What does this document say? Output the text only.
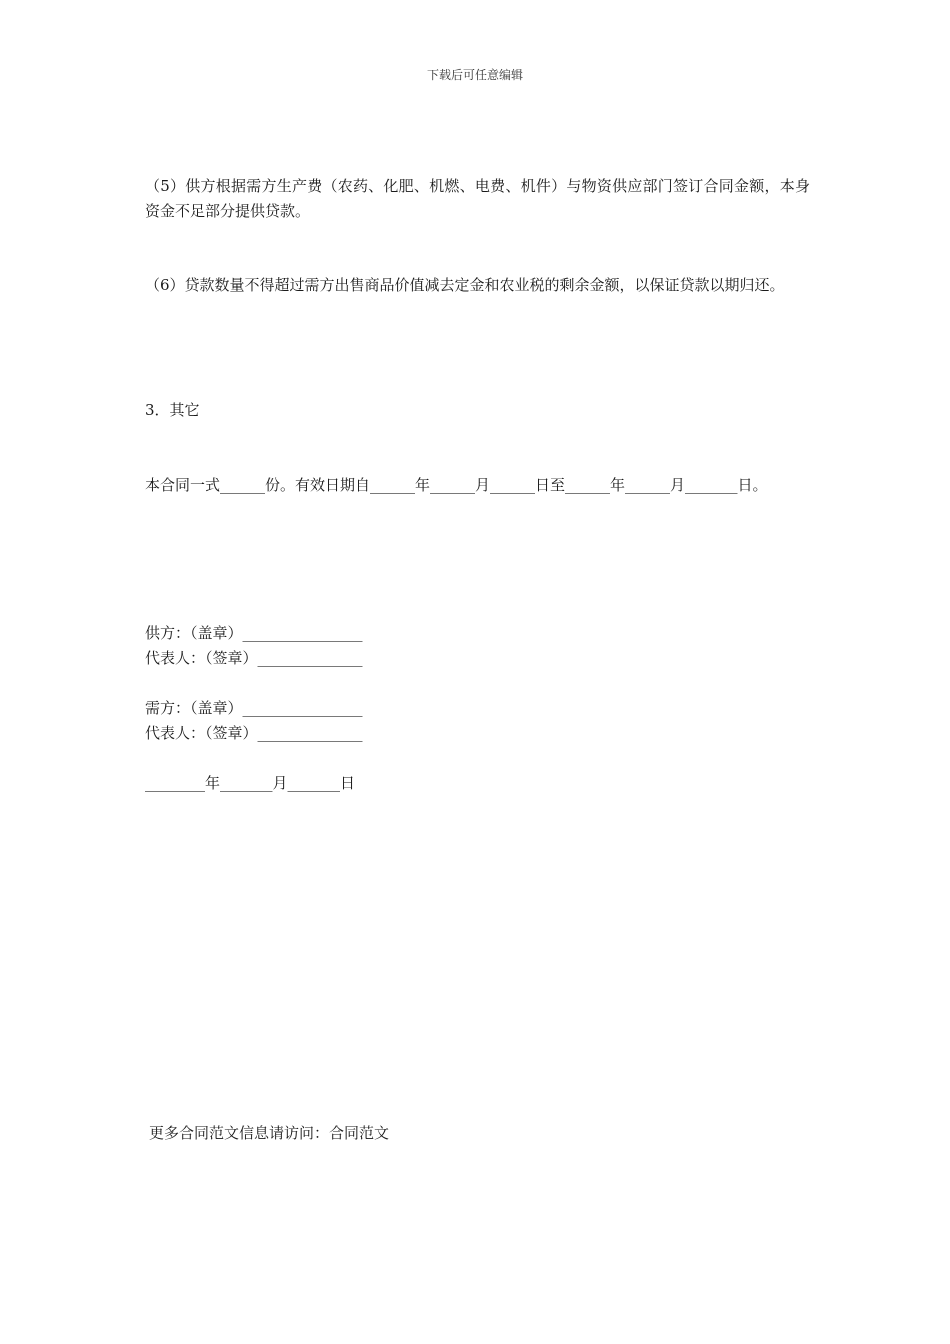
下载后可任意编辑

（5）供方根据需方生产费（农药、化肥、机燃、电费、机件）与物资供应部门签订合同金额，本身资金不足部分提供贷款。

（6）贷款数量不得超过需方出售商品价值减去定金和农业税的剩余金额，以保证贷款以期归还。

3．其它

本合同一式______份。有效日期自______年______月______日至______年______月_______日。

供方：（盖章）________________

代表人：（签章）______________

需方：（盖章）________________

代表人：（签章）______________

________年_______月_______日

更多合同范文信息请访问：合同范文
